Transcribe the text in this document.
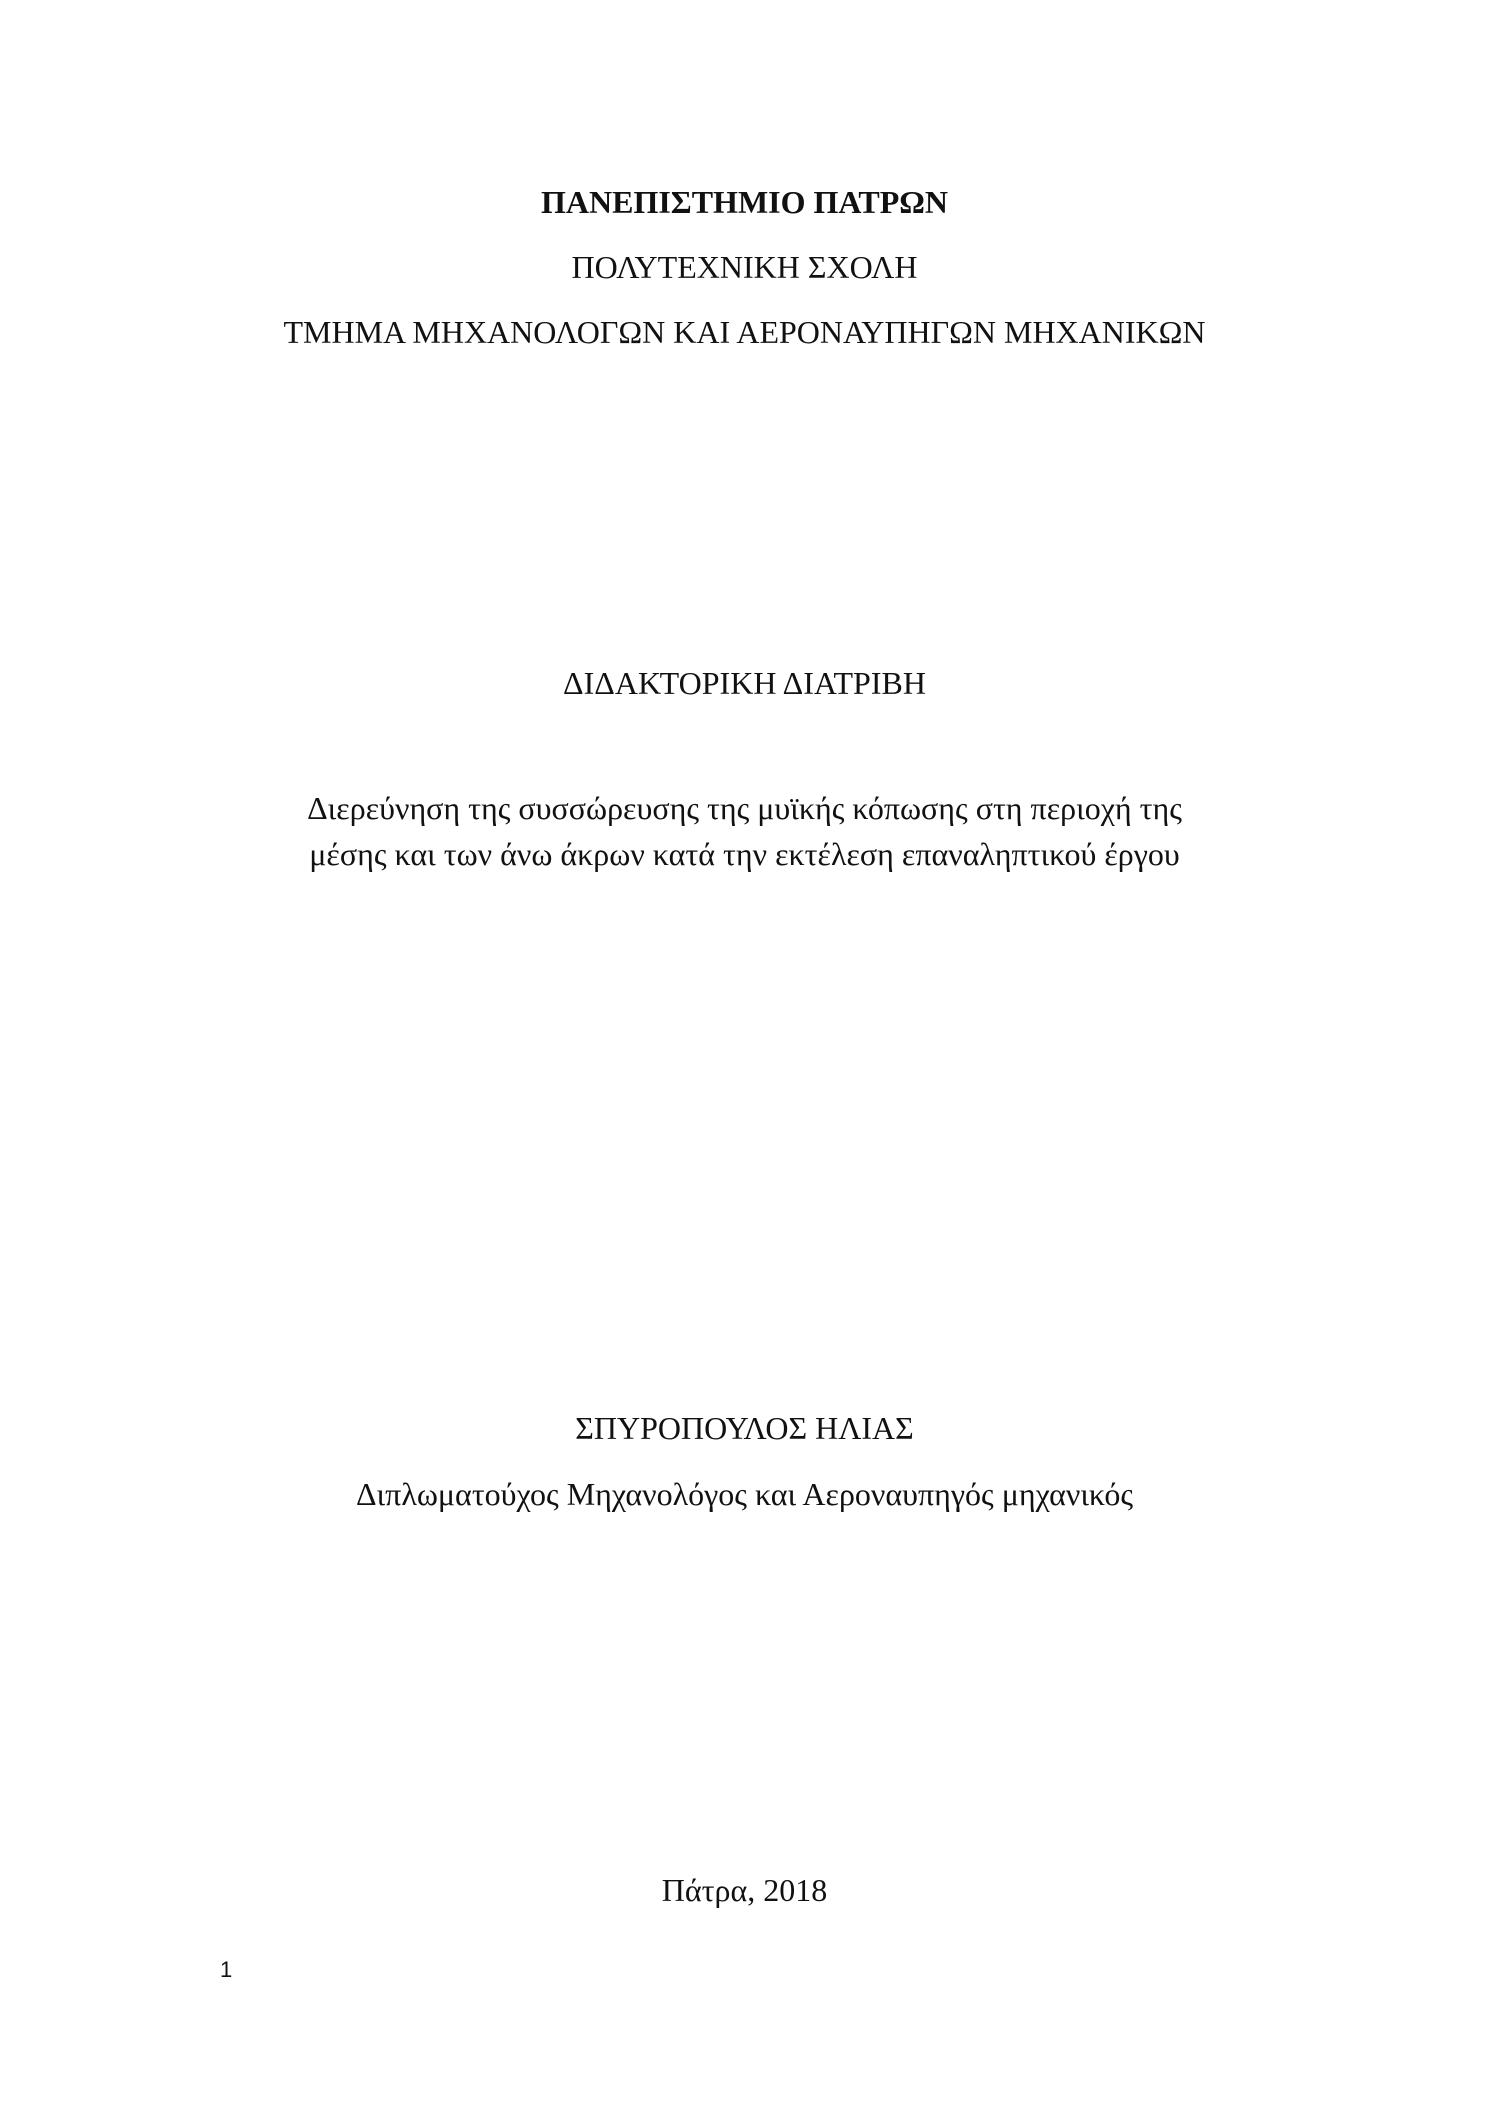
ΠΑΝΕΠΙΣΤΗΜΙΟ ΠΑΤΡΩΝ
ΠΟΛΥΤΕΧΝΙΚΗ ΣΧΟΛΗ
ΤΜΗΜΑ ΜΗΧΑΝΟΛΟΓΩΝ ΚΑΙ ΑΕΡΟΝΑΥΠΗΓΩΝ ΜΗΧΑΝΙΚΩΝ
ΔΙΔΑΚΤΟΡΙΚΗ ΔΙΑΤΡΙΒΗ
Διερεύνηση της συσσώρευσης της μυϊκής κόπωσης στη περιοχή της
μέσης και των άνω άκρων κατά την εκτέλεση επαναληπτικού έργου
ΣΠΥΡΟΠΟΥΛΟΣ ΗΛΙΑΣ
Διπλωματούχος Μηχανολόγος και Αεροναυπηγός μηχανικός
Πάτρα, 2018
1
